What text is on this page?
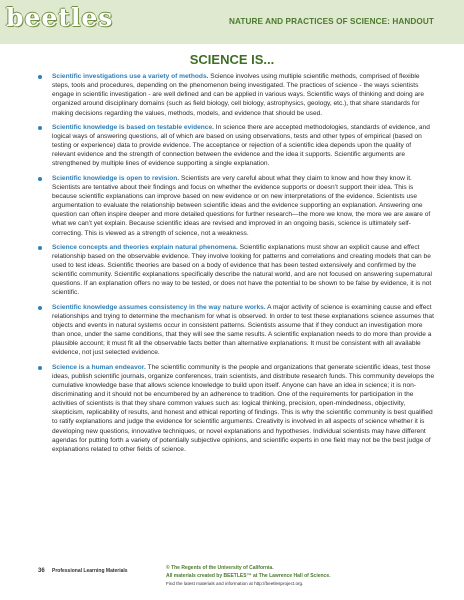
beetles	NATURE AND PRACTICES OF SCIENCE: HANDOUT
SCIENCE IS...
Scientific investigations use a variety of methods. Science involves using multiple scientific methods, comprised of flexible steps, tools and procedures, depending on the phenomenon being investigated. The practices of science - the ways scientists engage in scientific investigation - are well defined and can be applied in various ways. Scientific ways of thinking and doing are organized around disciplinary domains (such as field biology, cell biology, astrophysics, geology, etc.), that share standards for making decisions regarding the values, methods, models, and evidence that should be used.
Scientific knowledge is based on testable evidence. In science there are accepted methodologies, standards of evidence, and logical ways of answering questions, all of which are based on using observations, tests and other types of empirical (based on testing or experience) data to provide evidence. The acceptance or rejection of a scientific idea depends upon the quality of relevant evidence and the strength of connection between the evidence and the idea it supports. Scientific arguments are strengthened by multiple lines of evidence supporting a single explanation.
Scientific knowledge is open to revision. Scientists are very careful about what they claim to know and how they know it. Scientists are tentative about their findings and focus on whether the evidence supports or doesn’t support their idea. This is because scientific explanations can improve based on new evidence or on new interpretations of the evidence. Scientists use argumentation to evaluate the relationship between scientific ideas and the evidence supporting an explanation. Answering one question can often inspire deeper and more detailed questions for further research—the more we know, the more we are aware of what we can’t yet explain. Because scientific ideas are revised and improved in an ongoing basis, science is ultimately self-correcting. This is viewed as a strength of science, not a weakness.
Science concepts and theories explain natural phenomena. Scientific explanations must show an explicit cause and effect relationship based on the observable evidence. They involve looking for patterns and correlations and creating models that can be used to test ideas. Scientific theories are based on a body of evidence that has been tested extensively and confirmed by the scientific community. Scientific explanations specifically describe the natural world, and are not focused on answering supernatural questions. If an explanation offers no way to be tested, or does not have the potential to be shown to be false by evidence, it is not scientific.
Scientific knowledge assumes consistency in the way nature works. A major activity of science is examining cause and effect relationships and trying to determine the mechanism for what is observed. In order to test these explanations science assumes that objects and events in natural systems occur in consistent patterns. Scientists assume that if they conduct an investigation more than once, under the same conditions, that they will see the same results. A scientific explanation needs to do more than provide a plausible account; it must fit all the observable facts better than alternative explanations. It must be consistent with all available evidence, not just selected evidence.
Science is a human endeavor. The scientific community is the people and organizations that generate scientific ideas, test those ideas, publish scientific journals, organize conferences, train scientists, and distribute research funds. This community develops the cumulative knowledge base that allows science knowledge to build upon itself. Anyone can have an idea in science; it is non-discriminating and it should not be encumbered by an adherence to tradition. One of the requirements for participation in the activities of scientists is that they share common values such as: logical thinking, precision, open-mindedness, objectivity, skepticism, replicability of results, and honest and ethical reporting of findings. This is why the scientific community is best qualified to ratify explanations and judge the evidence for scientific arguments. Creativity is involved in all aspects of science whether it is developing new questions, innovative techniques, or novel explanations and hypotheses. Individual scientists may have different agendas for putting forth a variety of potentially subjective opinions, and scientific experts in one field may not be the best judge of explanations related to other fields of science.
36 Professional Learning Materials	© The Regents of the University of California.
All materials created by BEETLES™ at The Lawrence Hall of Science.
Find the latest materials and information at http://beetlesproject.org.
